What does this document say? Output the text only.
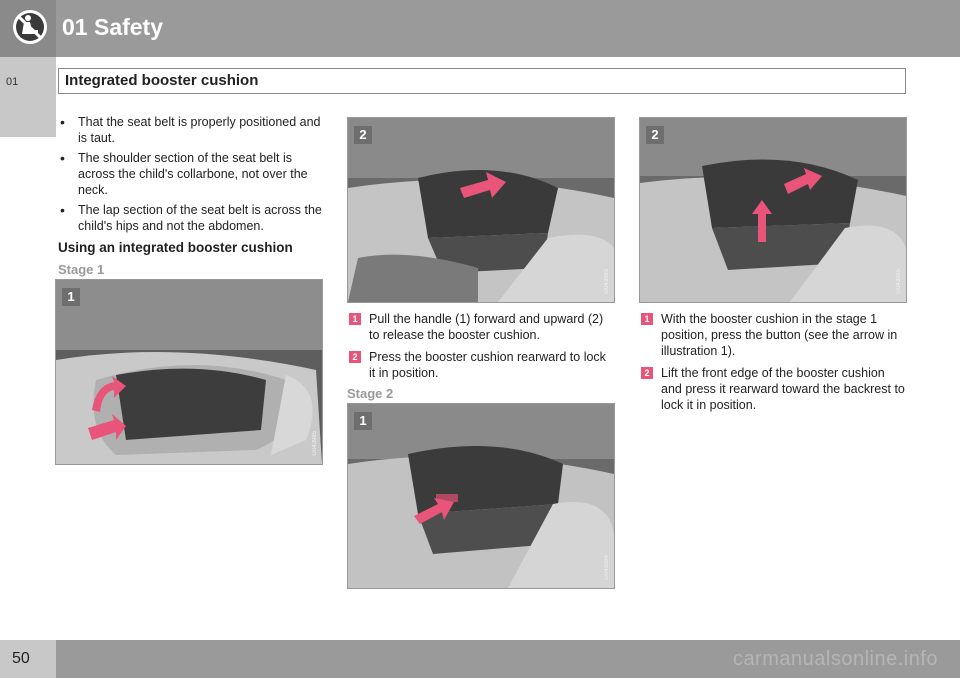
01 Safety
01	Integrated booster cushion
• That the seat belt is properly positioned and is taut.
• The shoulder section of the seat belt is across the child's collarbone, not over the neck.
• The lap section of the seat belt is across the child's hips and not the abdomen.
Using an integrated booster cushion
Stage 1
1
G043985
2
G043983
1 Pull the handle (1) forward and upward (2) to release the booster cushion.
2 Press the booster cushion rearward to lock it in position.
Stage 2
1
G043984
2
G043985
1 With the booster cushion in the stage 1 position, press the button (see the arrow in illustration 1).
2 Lift the front edge of the booster cushion and press it rearward toward the backrest to lock it in position.
50	carmanualsonline.info
